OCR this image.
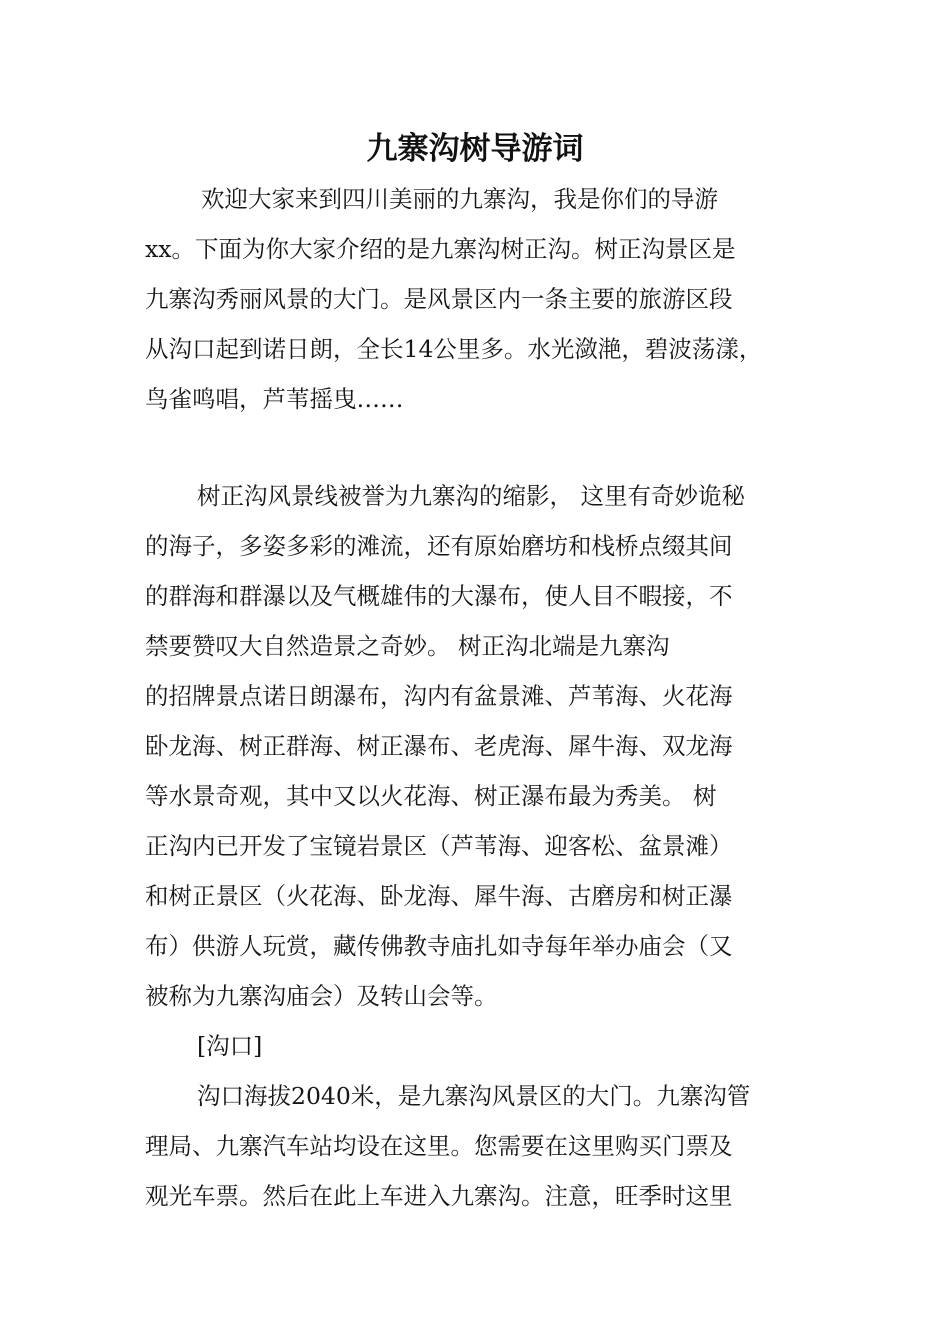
九寨沟树导游词

欢迎大家来到四川美丽的九寨沟，我是你们的导游

xx。下面为你大家介绍的是九寨沟树正沟。树正沟景区是

九寨沟秀丽风景的大门。是风景区内一条主要的旅游区段

从沟口起到诺日朗，全长14公里多。水光潋滟，碧波荡漾，

鸟雀鸣唱，芦苇摇曳……

树正沟风景线被誉为九寨沟的缩影， 这里有奇妙诡秘

的海子，多姿多彩的滩流，还有原始磨坊和栈桥点缀其间

的群海和群瀑以及气概雄伟的大瀑布，使人目不暇接，不

禁要赞叹大自然造景之奇妙。 树正沟北端是九寨沟

的招牌景点诺日朗瀑布，沟内有盆景滩、芦苇海、火花海

卧龙海、树正群海、树正瀑布、老虎海、犀牛海、双龙海

等水景奇观，其中又以火花海、树正瀑布最为秀美。 树

正沟内已开发了宝镜岩景区（芦苇海、迎客松、盆景滩）

和树正景区（火花海、卧龙海、犀牛海、古磨房和树正瀑

布）供游人玩赏，藏传佛教寺庙扎如寺每年举办庙会（又

被称为九寨沟庙会）及转山会等。

[沟口]

沟口海拔2040米，是九寨沟风景区的大门。九寨沟管

理局、九寨汽车站均设在这里。您需要在这里购买门票及

观光车票。然后在此上车进入九寨沟。注意，旺季时这里
